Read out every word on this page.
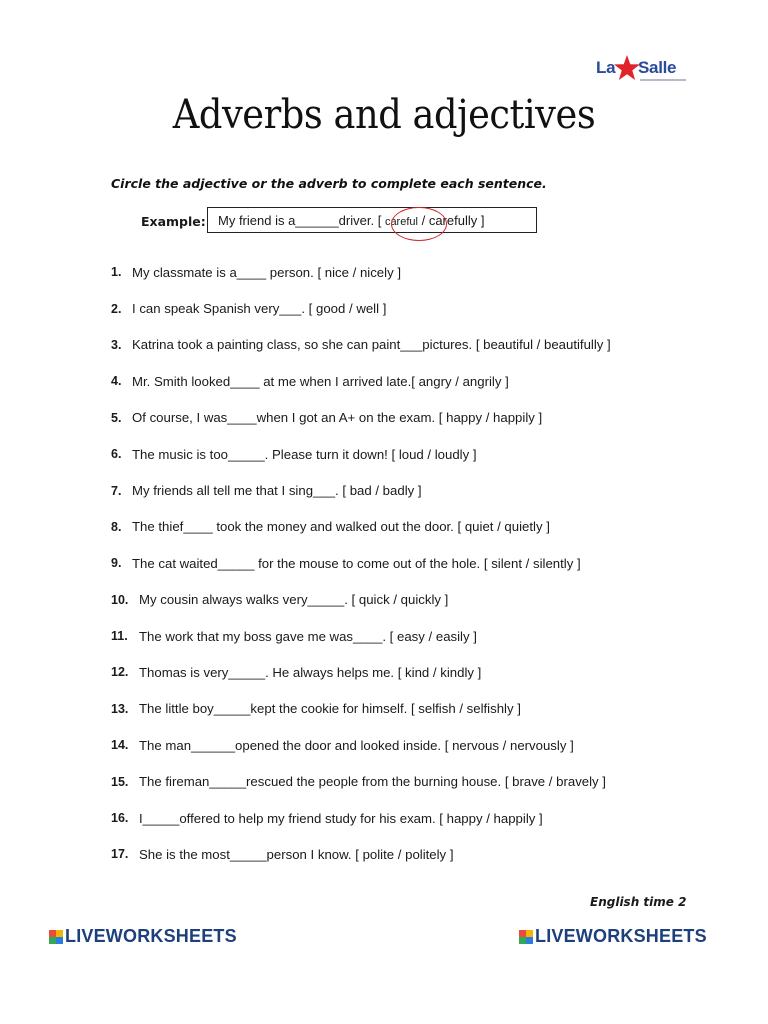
La Salle
Adverbs and adjectives
Circle the adjective or the adverb to complete each sentence.
Example: My friend is a______driver. [ careful / carefully ]
1. My classmate is a____ person. [ nice / nicely ]
2. I can speak Spanish very___. [ good / well ]
3. Katrina took a painting class, so she can paint___pictures. [ beautiful / beautifully ]
4. Mr. Smith looked____ at me when I arrived late.[ angry / angrily ]
5. Of course, I was____when I got an A+ on the exam. [ happy / happily ]
6. The music is too_____. Please turn it down! [ loud / loudly ]
7. My friends all tell me that I sing___. [ bad / badly ]
8. The thief____ took the money and walked out the door. [ quiet / quietly ]
9. The cat waited_____ for the mouse to come out of the hole. [ silent / silently ]
10. My cousin always walks very_____. [ quick / quickly ]
11. The work that my boss gave me was____. [ easy / easily ]
12. Thomas is very_____. He always helps me. [ kind / kindly ]
13. The little boy_____kept the cookie for himself. [ selfish / selfishly ]
14. The man______opened the door and looked inside. [ nervous / nervously ]
15. The fireman_____rescued the people from the burning house. [ brave / bravely ]
16. I_____offered to help my friend study for his exam. [ happy / happily ]
17. She is the most_____person I know. [ polite / politely ]
English time 2
LIVEWORKSHEETS	LIVEWORKSHEETS
